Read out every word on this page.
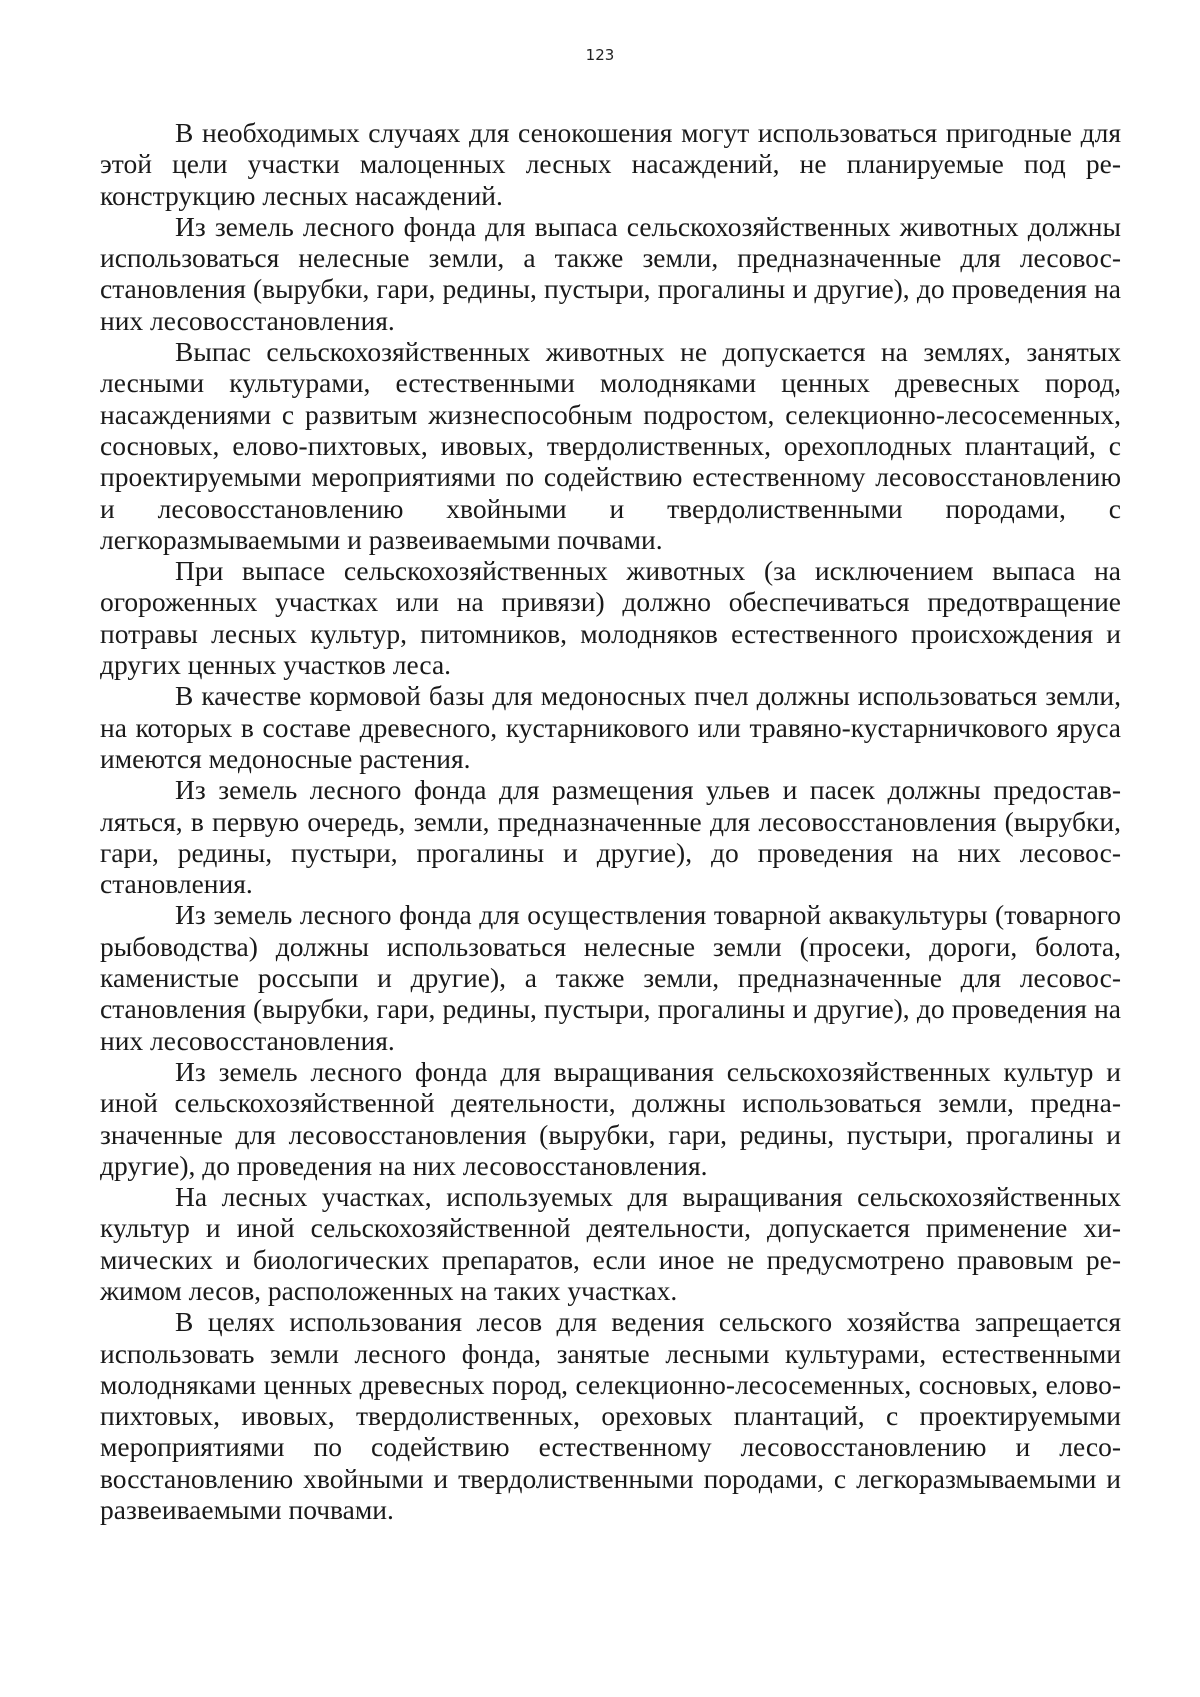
123

В необходимых случаях для сенокошения могут использоваться пригодные для этой цели участки малоценных лесных насаждений, не планируемые под реконструкцию лесных насаждений.

Из земель лесного фонда для выпаса сельскохозяйственных животных должны использоваться нелесные земли, а также земли, предназначенные для лесовосстановления (вырубки, гари, редины, пустыри, прогалины и другие), до проведения на них лесовосстановления.

Выпас сельскохозяйственных животных не допускается на землях, занятых лесными культурами, естественными молодняками ценных древесных пород, насаждениями с развитым жизнеспособным подростом, селекционно-лесосеменных, сосновых, елово-пихтовых, ивовых, твердолиственных, орехоплодных плантаций, с проектируемыми мероприятиями по содействию естественному лесовосстановлению и лесовосстановлению хвойными и твердолиственными породами, с легкоразмываемыми и развеиваемыми почвами.

При выпасе сельскохозяйственных животных (за исключением выпаса на огороженных участках или на привязи) должно обеспечиваться предотвращение потравы лесных культур, питомников, молодняков естественного происхождения и других ценных участков леса.

В качестве кормовой базы для медоносных пчел должны использоваться земли, на которых в составе древесного, кустарникового или травяно-кустарничкового яруса имеются медоносные растения.

Из земель лесного фонда для размещения ульев и пасек должны предоставляться, в первую очередь, земли, предназначенные для лесовосстановления (вырубки, гари, редины, пустыри, прогалины и другие), до проведения на них лесовосстановления.

Из земель лесного фонда для осуществления товарной аквакультуры (товарного рыбоводства) должны использоваться нелесные земли (просеки, дороги, болота, каменистые россыпи и другие), а также земли, предназначенные для лесовосстановления (вырубки, гари, редины, пустыри, прогалины и другие), до проведения на них лесовосстановления.

Из земель лесного фонда для выращивания сельскохозяйственных культур и иной сельскохозяйственной деятельности, должны использоваться земли, предназначенные для лесовосстановления (вырубки, гари, редины, пустыри, прогалины и другие), до проведения на них лесовосстановления.

На лесных участках, используемых для выращивания сельскохозяйственных культур и иной сельскохозяйственной деятельности, допускается применение химических и биологических препаратов, если иное не предусмотрено правовым режимом лесов, расположенных на таких участках.

В целях использования лесов для ведения сельского хозяйства запрещается использовать земли лесного фонда, занятые лесными культурами, естественными молодняками ценных древесных пород, селекционно-лесосеменных, сосновых, елово-пихтовых, ивовых, твердолиственных, ореховых плантаций, с проектируемыми мероприятиями по содействию естественному лесовосстановлению и лесовосстановлению хвойными и твердолиственными породами, с легкоразмываемыми и развеиваемыми почвами.
